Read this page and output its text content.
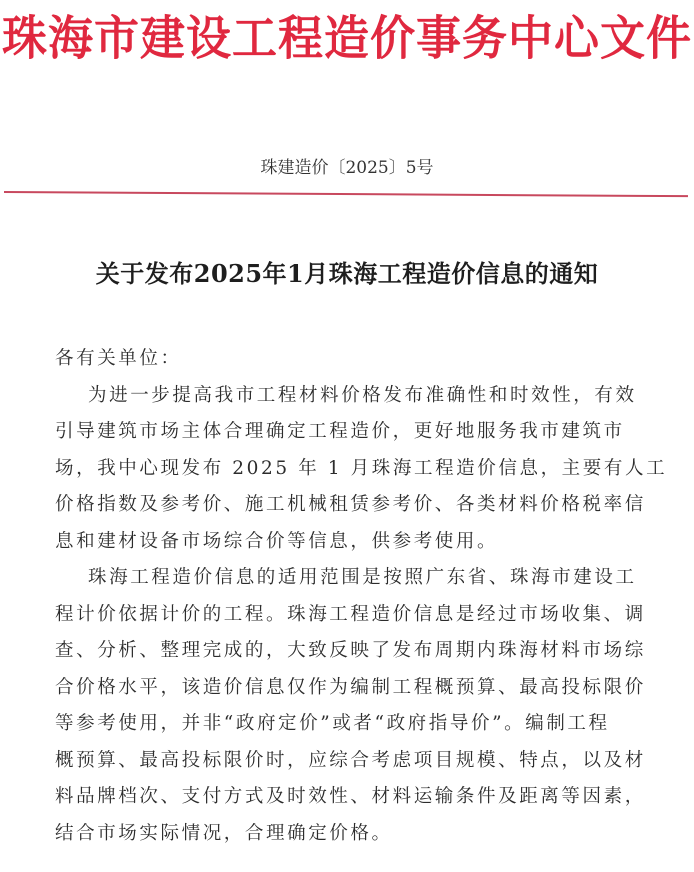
珠海市建设工程造价事务中心文件
珠建造价〔2025〕5号
关于发布2025年1月珠海工程造价信息的通知

各有关单位：

为进一步提高我市工程材料价格发布准确性和时效性，有效
引导建筑市场主体合理确定工程造价，更好地服务我市建筑市
场，我中心现发布 2025 年 1 月珠海工程造价信息，主要有人工
价格指数及参考价、施工机械租赁参考价、各类材料价格税率信
息和建材设备市场综合价等信息，供参考使用。
珠海工程造价信息的适用范围是按照广东省、珠海市建设工
程计价依据计价的工程。珠海工程造价信息是经过市场收集、调
查、分析、整理完成的，大致反映了发布周期内珠海材料市场综
合价格水平，该造价信息仅作为编制工程概预算、最高投标限价
等参考使用，并非“政府定价”或者“政府指导价”。编制工程
概预算、最高投标限价时，应综合考虑项目规模、特点，以及材
料品牌档次、支付方式及时效性、材料运输条件及距离等因素，
结合市场实际情况，合理确定价格。
